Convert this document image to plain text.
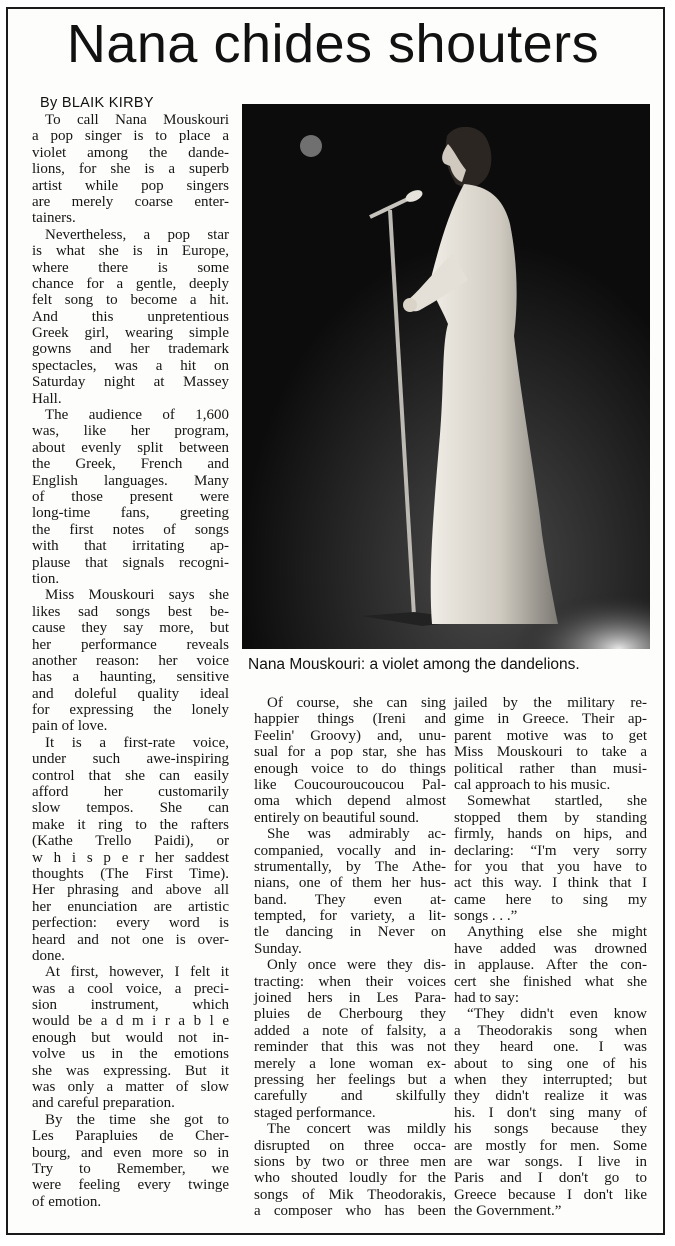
Nana chides shouters
By BLAIK KIRBY
To call Nana Mouskouri
a pop singer is to place a
violet among the dande-
lions, for she is a superb
artist while pop singers
are merely coarse enter-
tainers.
Nevertheless, a pop star
is what she is in Europe,
where there is some
chance for a gentle, deeply
felt song to become a hit.
And this unpretentious
Greek girl, wearing simple
gowns and her trademark
spectacles, was a hit on
Saturday night at Massey
Hall.
The audience of 1,600
was, like her program,
about evenly split between
the Greek, French and
English languages. Many
of those present were
long-time fans, greeting
the first notes of songs
with that irritating ap-
plause that signals recogni-
tion.
Miss Mouskouri says she
likes sad songs best be-
cause they say more, but
her performance reveals
another reason: her voice
has a haunting, sensitive
and doleful quality ideal
for expressing the lonely
pain of love.
It is a first-rate voice,
under such awe-inspiring
control that she can easily
afford her customarily
slow tempos. She can
make it ring to the rafters
(Kathe Trello Paidi), or
w h i s p e r her saddest
thoughts (The First Time).
Her phrasing and above all
her enunciation are artistic
perfection: every word is
heard and not one is over-
done.
At first, however, I felt it
was a cool voice, a preci-
sion instrument, which
would be a d m i r a b l e
enough but would not in-
volve us in the emotions
she was expressing. But it
was only a matter of slow
and careful preparation.
By the time she got to
Les Parapluies de Cher-
bourg, and even more so in
Try to Remember, we
were feeling every twinge
of emotion.
Nana Mouskouri: a violet among the dandelions.
Of course, she can sing
happier things (Ireni and
Feelin' Groovy) and, unu-
sual for a pop star, she has
enough voice to do things
like Coucouroucoucou Pal-
oma which depend almost
entirely on beautiful sound.
She was admirably ac-
companied, vocally and in-
strumentally, by The Athe-
nians, one of them her hus-
band. They even at-
tempted, for variety, a lit-
tle dancing in Never on
Sunday.
Only once were they dis-
tracting: when their voices
joined hers in Les Para-
pluies de Cherbourg they
added a note of falsity, a
reminder that this was not
merely a lone woman ex-
pressing her feelings but a
carefully and skilfully
staged performance.
The concert was mildly
disrupted on three occa-
sions by two or three men
who shouted loudly for the
songs of Mik Theodorakis,
a composer who has been
jailed by the military re-
gime in Greece. Their ap-
parent motive was to get
Miss Mouskouri to take a
political rather than musi-
cal approach to his music.
Somewhat startled, she
stopped them by standing
firmly, hands on hips, and
declaring: “I'm very sorry
for you that you have to
act this way. I think that I
came here to sing my
songs . . .”
Anything else she might
have added was drowned
in applause. After the con-
cert she finished what she
had to say:
“They didn't even know
a Theodorakis song when
they heard one. I was
about to sing one of his
when they interrupted; but
they didn't realize it was
his. I don't sing many of
his songs because they
are mostly for men. Some
are war songs. I live in
Paris and I don't go to
Greece because I don't like
the Government.”
